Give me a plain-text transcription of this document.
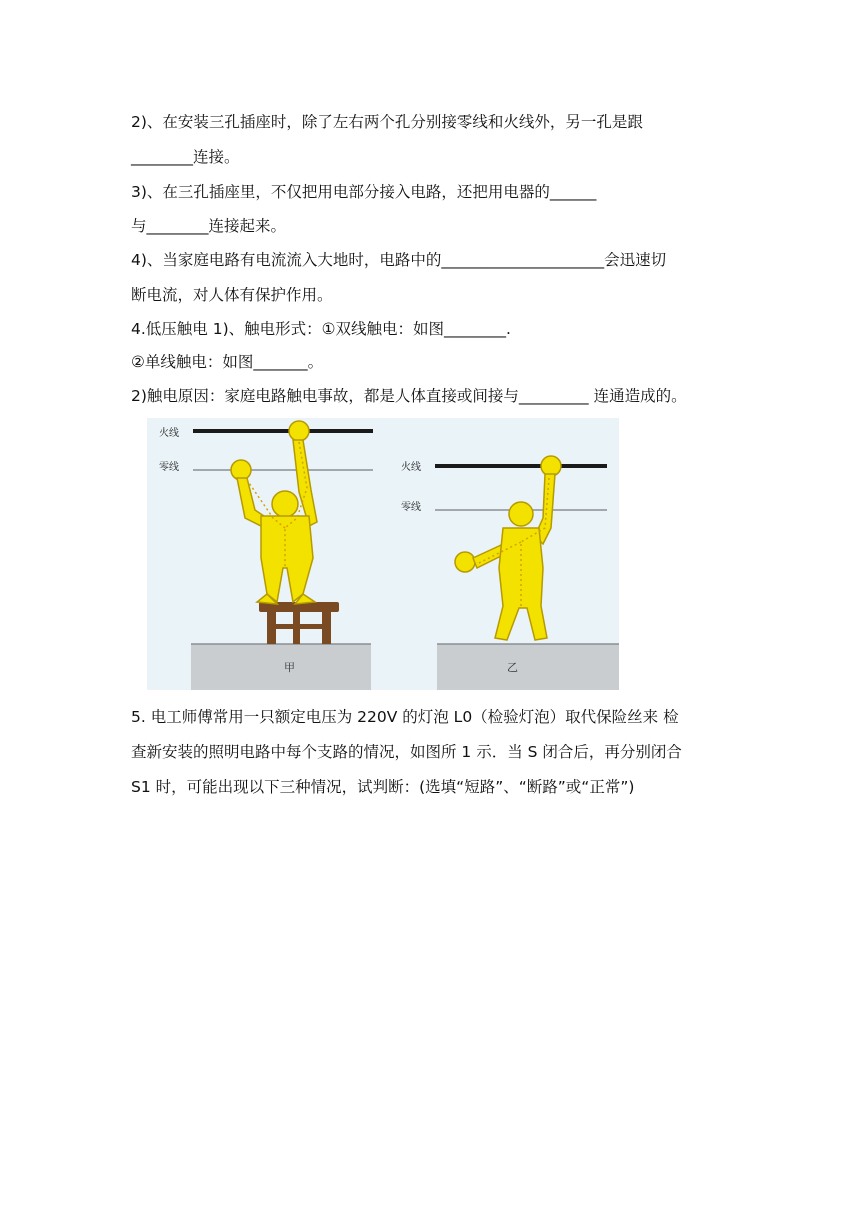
2)、在安装三孔插座时，除了左右两个孔分别接零线和火线外，另一孔是跟
________连接。
3)、在三孔插座里，不仅把用电部分接入电路，还把用电器的______
与________连接起来。
4)、当家庭电路有电流流入大地时，电路中的_____________________会迅速切
断电流，对人体有保护作用。
4.低压触电 1)、触电形式：①双线触电：如图________.
②单线触电：如图_______。
2)触电原因：家庭电路触电事故，都是人体直接或间接与_________ 连通造成的。
火线
零线
甲
火线
零线
乙
5. 电工师傅常用一只额定电压为 220V 的灯泡 L0（检验灯泡）取代保险丝来 检
查新安装的照明电路中每个支路的情况，如图所 1 示．当 S 闭合后，再分别闭合
S1 时，可能出现以下三种情况，试判断：(选填“短路”、“断路”或“正常”)
